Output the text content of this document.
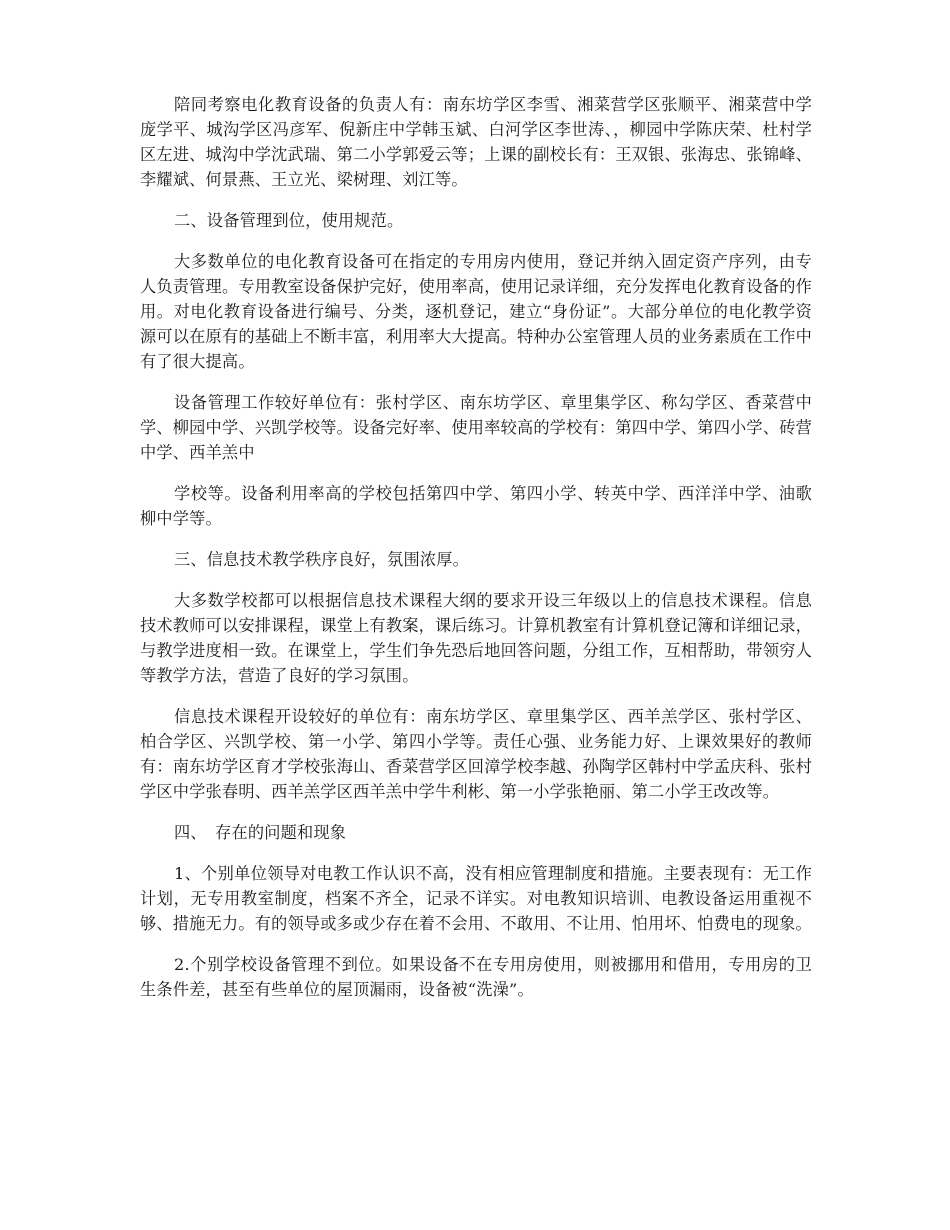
陪同考察电化教育设备的负责人有：南东坊学区李雪、湘菜营学区张顺平、湘菜营中学庞学平、城沟学区冯彦军、倪新庄中学韩玉斌、白河学区李世涛、，柳园中学陈庆荣、杜村学区左进、城沟中学沈武瑞、第二小学郭爱云等；上课的副校长有：王双银、张海忠、张锦峰、李耀斌、何景燕、王立光、梁树理、刘江等。

二、设备管理到位，使用规范。

大多数单位的电化教育设备可在指定的专用房内使用，登记并纳入固定资产序列，由专人负责管理。专用教室设备保护完好，使用率高，使用记录详细，充分发挥电化教育设备的作用。对电化教育设备进行编号、分类，逐机登记，建立“身份证”。大部分单位的电化教学资源可以在原有的基础上不断丰富，利用率大大提高。特种办公室管理人员的业务素质在工作中有了很大提高。

设备管理工作较好单位有：张村学区、南东坊学区、章里集学区、称勾学区、香菜营中学、柳园中学、兴凯学校等。设备完好率、使用率较高的学校有：第四中学、第四小学、砖营中学、西羊羔中

学校等。设备利用率高的学校包括第四中学、第四小学、转英中学、西洋洋中学、油歌柳中学等。

三、信息技术教学秩序良好，氛围浓厚。

大多数学校都可以根据信息技术课程大纲的要求开设三年级以上的信息技术课程。信息技术教师可以安排课程，课堂上有教案，课后练习。计算机教室有计算机登记簿和详细记录，与教学进度相一致。在课堂上，学生们争先恐后地回答问题，分组工作，互相帮助，带领穷人等教学方法，营造了良好的学习氛围。

信息技术课程开设较好的单位有：南东坊学区、章里集学区、西羊羔学区、张村学区、柏合学区、兴凯学校、第一小学、第四小学等。责任心强、业务能力好、上课效果好的教师有：南东坊学区育才学校张海山、香菜营学区回漳学校李越、孙陶学区韩村中学孟庆科、张村学区中学张春明、西羊羔学区西羊羔中学牛利彬、第一小学张艳丽、第二小学王改改等。

四、　存在的问题和现象

1、个别单位领导对电教工作认识不高，没有相应管理制度和措施。主要表现有：无工作计划，无专用教室制度，档案不齐全，记录不详实。对电教知识培训、电教设备运用重视不够、措施无力。有的领导或多或少存在着不会用、不敢用、不让用、怕用坏、怕费电的现象。

2.个别学校设备管理不到位。如果设备不在专用房使用，则被挪用和借用，专用房的卫生条件差，甚至有些单位的屋顶漏雨，设备被“洗澡”。
